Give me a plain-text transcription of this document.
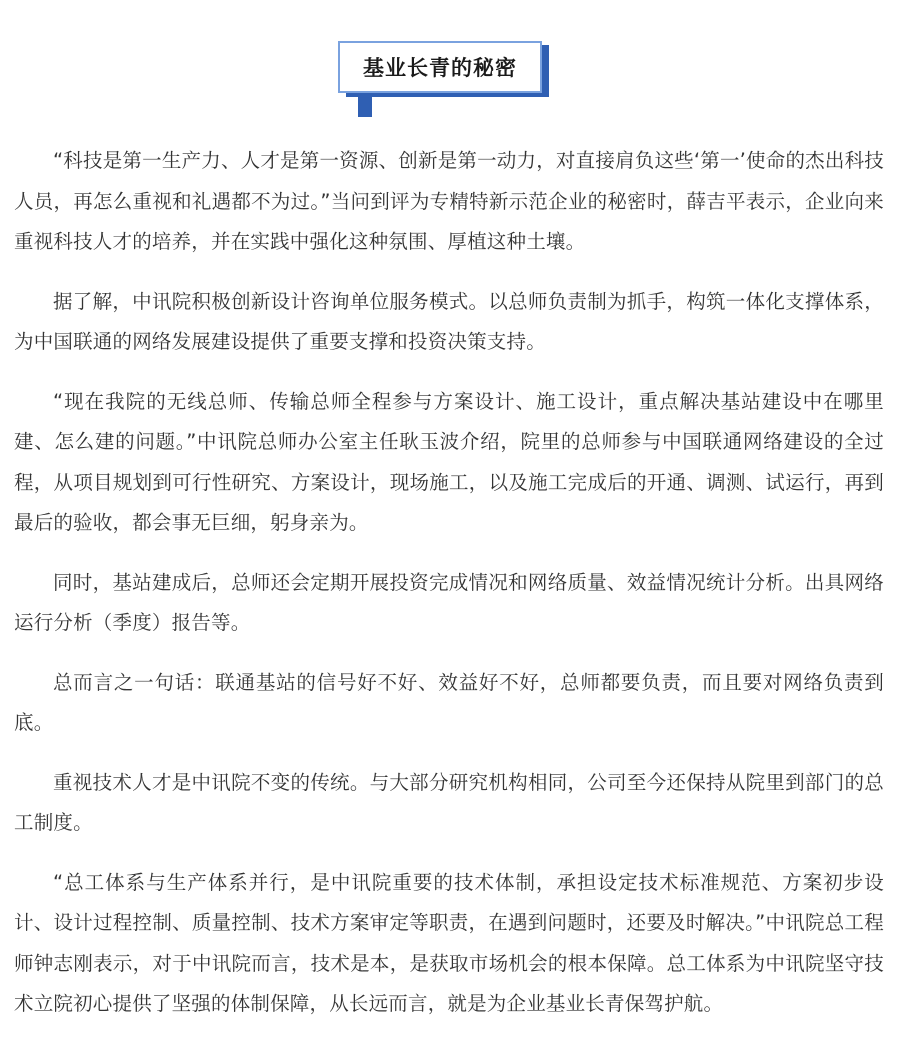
基业长青的秘密

“科技是第一生产力、人才是第一资源、创新是第一动力，对直接肩负这些‘第一’使命的杰出科技人员，再怎么重视和礼遇都不为过。”当问到评为专精特新示范企业的秘密时，薛吉平表示，企业向来重视科技人才的培养，并在实践中强化这种氛围、厚植这种土壤。

据了解，中讯院积极创新设计咨询单位服务模式。以总师负责制为抓手，构筑一体化支撑体系，为中国联通的网络发展建设提供了重要支撑和投资决策支持。

“现在我院的无线总师、传输总师全程参与方案设计、施工设计，重点解决基站建设中在哪里建、怎么建的问题。”中讯院总师办公室主任耿玉波介绍，院里的总师参与中国联通网络建设的全过程，从项目规划到可行性研究、方案设计，现场施工，以及施工完成后的开通、调测、试运行，再到最后的验收，都会事无巨细，躬身亲为。

同时，基站建成后，总师还会定期开展投资完成情况和网络质量、效益情况统计分析。出具网络运行分析（季度）报告等。

总而言之一句话：联通基站的信号好不好、效益好不好，总师都要负责，而且要对网络负责到底。

重视技术人才是中讯院不变的传统。与大部分研究机构相同，公司至今还保持从院里到部门的总工制度。

“总工体系与生产体系并行，是中讯院重要的技术体制，承担设定技术标准规范、方案初步设计、设计过程控制、质量控制、技术方案审定等职责，在遇到问题时，还要及时解决。”中讯院总工程师钟志刚表示，对于中讯院而言，技术是本，是获取市场机会的根本保障。总工体系为中讯院坚守技术立院初心提供了坚强的体制保障，从长远而言，就是为企业基业长青保驾护航。
